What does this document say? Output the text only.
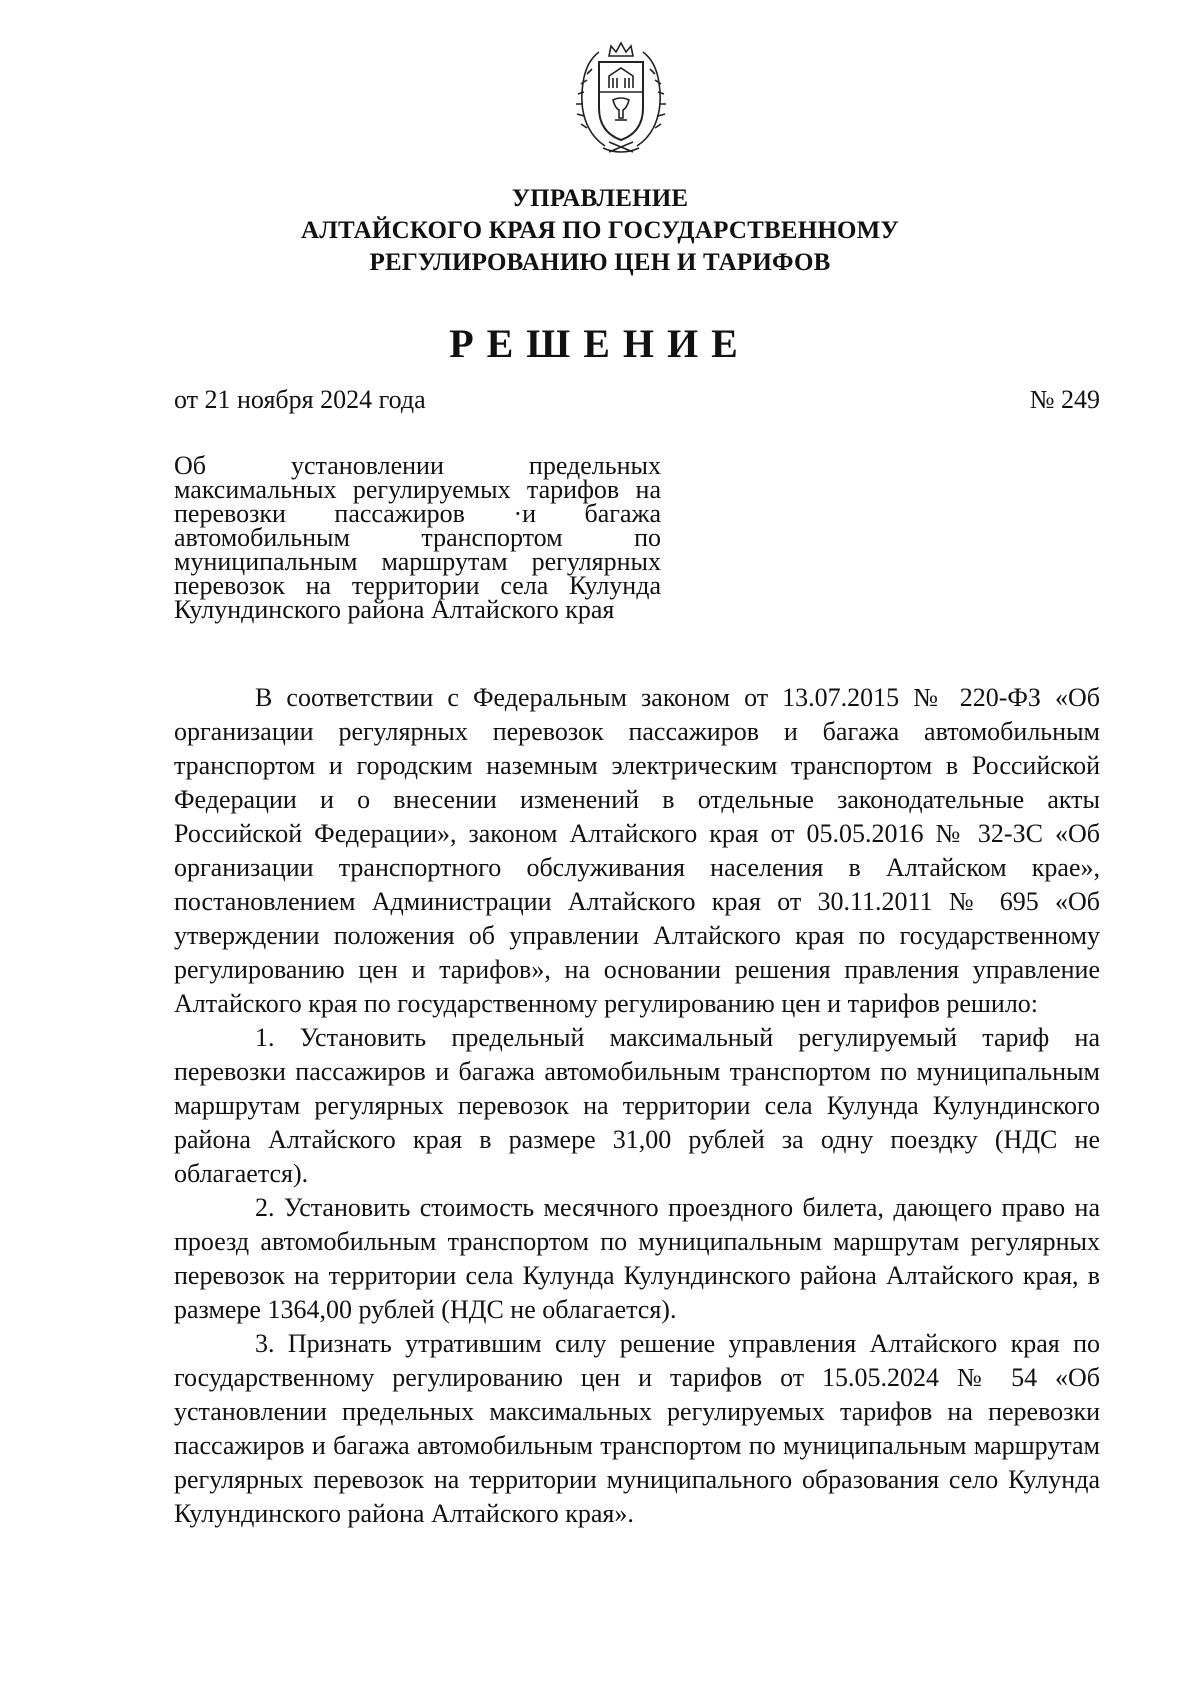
УПРАВЛЕНИЕ
АЛТАЙСКОГО КРАЯ ПО ГОСУДАРСТВЕННОМУ
РЕГУЛИРОВАНИЮ ЦЕН И ТАРИФОВ
РЕШЕНИЕ
от 21 ноября 2024 года	№ 249
Об установлении предельных максимальных регулируемых тарифов на перевозки пассажиров ·и багажа автомобильным транспортом по муниципальным маршрутам регулярных перевозок на территории села Кулунда Кулундинского района Алтайского края

В соответствии с Федеральным законом от 13.07.2015 № 220-ФЗ «Об организации регулярных перевозок пассажиров и багажа автомобильным транспортом и городским наземным электрическим транспортом в Российской Федерации и о внесении изменений в отдельные законодательные акты Российской Федерации», законом Алтайского края от 05.05.2016 № 32-ЗС «Об организации транспортного обслуживания населения в Алтайском крае», постановлением Администрации Алтайского края от 30.11.2011 № 695 «Об утверждении положения об управлении Алтайского края по государственному регулированию цен и тарифов», на основании решения правления управление Алтайского края по государственному регулированию цен и тарифов решило:

1. Установить предельный максимальный регулируемый тариф на перевозки пассажиров и багажа автомобильным транспортом по муниципальным маршрутам регулярных перевозок на территории села Кулунда Кулундинского района Алтайского края в размере 31,00 рублей за одну поездку (НДС не облагается).

2. Установить стоимость месячного проездного билета, дающего право на проезд автомобильным транспортом по муниципальным маршрутам регулярных перевозок на территории села Кулунда Кулундинского района Алтайского края, в размере 1364,00 рублей (НДС не облагается).

3. Признать утратившим силу решение управления Алтайского края по государственному регулированию цен и тарифов от 15.05.2024 № 54 «Об установлении предельных максимальных регулируемых тарифов на перевозки пассажиров и багажа автомобильным транспортом по муниципальным маршрутам регулярных перевозок на территории муниципального образования село Кулунда Кулундинского района Алтайского края».
